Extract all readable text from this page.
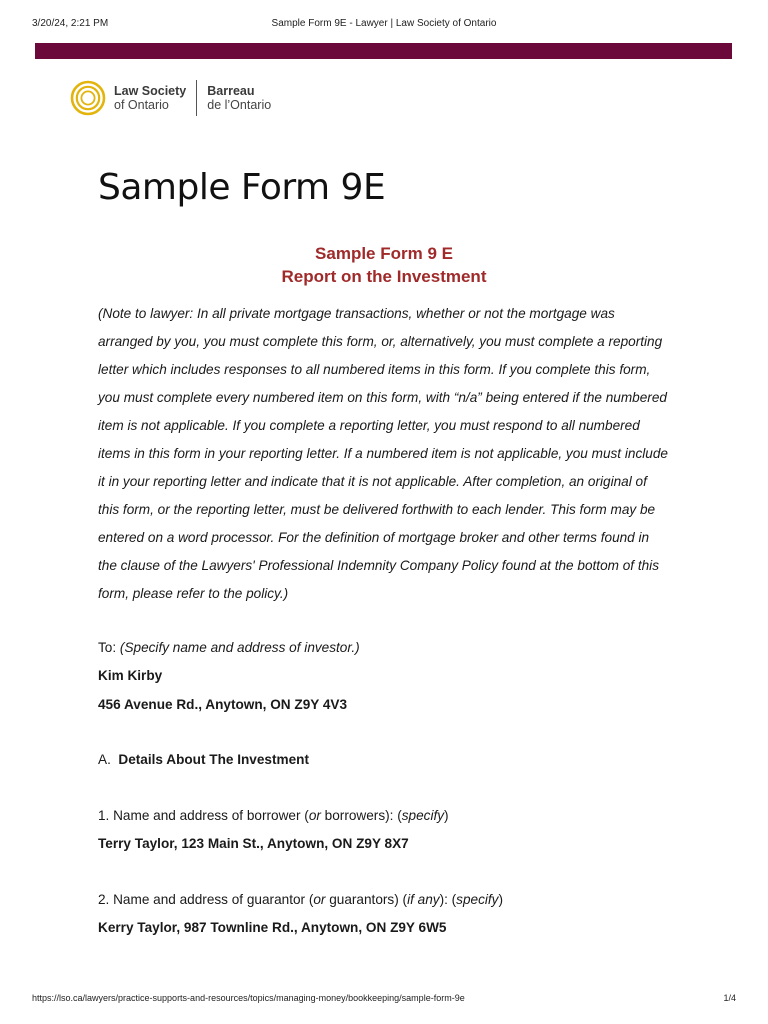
3/20/24, 2:21 PM	Sample Form 9E - Lawyer | Law Society of Ontario
Law Society
of Ontario
Barreau
de l’Ontario
Sample Form 9E
Sample Form 9 E
Report on the Investment

(Note to lawyer: In all private mortgage transactions, whether or not the mortgage was arranged by you, you must complete this form, or, alternatively, you must complete a reporting letter which includes responses to all numbered items in this form. If you complete this form, you must complete every numbered item on this form, with “n/a” being entered if the numbered item is not applicable. If you complete a reporting letter, you must respond to all numbered items in this form in your reporting letter. If a numbered item is not applicable, you must include it in your reporting letter and indicate that it is not applicable. After completion, an original of this form, or the reporting letter, must be delivered forthwith to each lender. This form may be entered on a word processor. For the definition of mortgage broker and other terms found in the clause of the Lawyers' Professional Indemnity Company Policy found at the bottom of this form, please refer to the policy.)

To: (Specify name and address of investor.)
Kim Kirby
456 Avenue Rd., Anytown, ON Z9Y 4V3
A. Details About The Investment
1. Name and address of borrower (or borrowers): (specify)
Terry Taylor, 123 Main St., Anytown, ON Z9Y 8X7
2. Name and address of guarantor (or guarantors) (if any): (specify)
Kerry Taylor, 987 Townline Rd., Anytown, ON Z9Y 6W5
https://lso.ca/lawyers/practice-supports-and-resources/topics/managing-money/bookkeeping/sample-form-9e	1/4
